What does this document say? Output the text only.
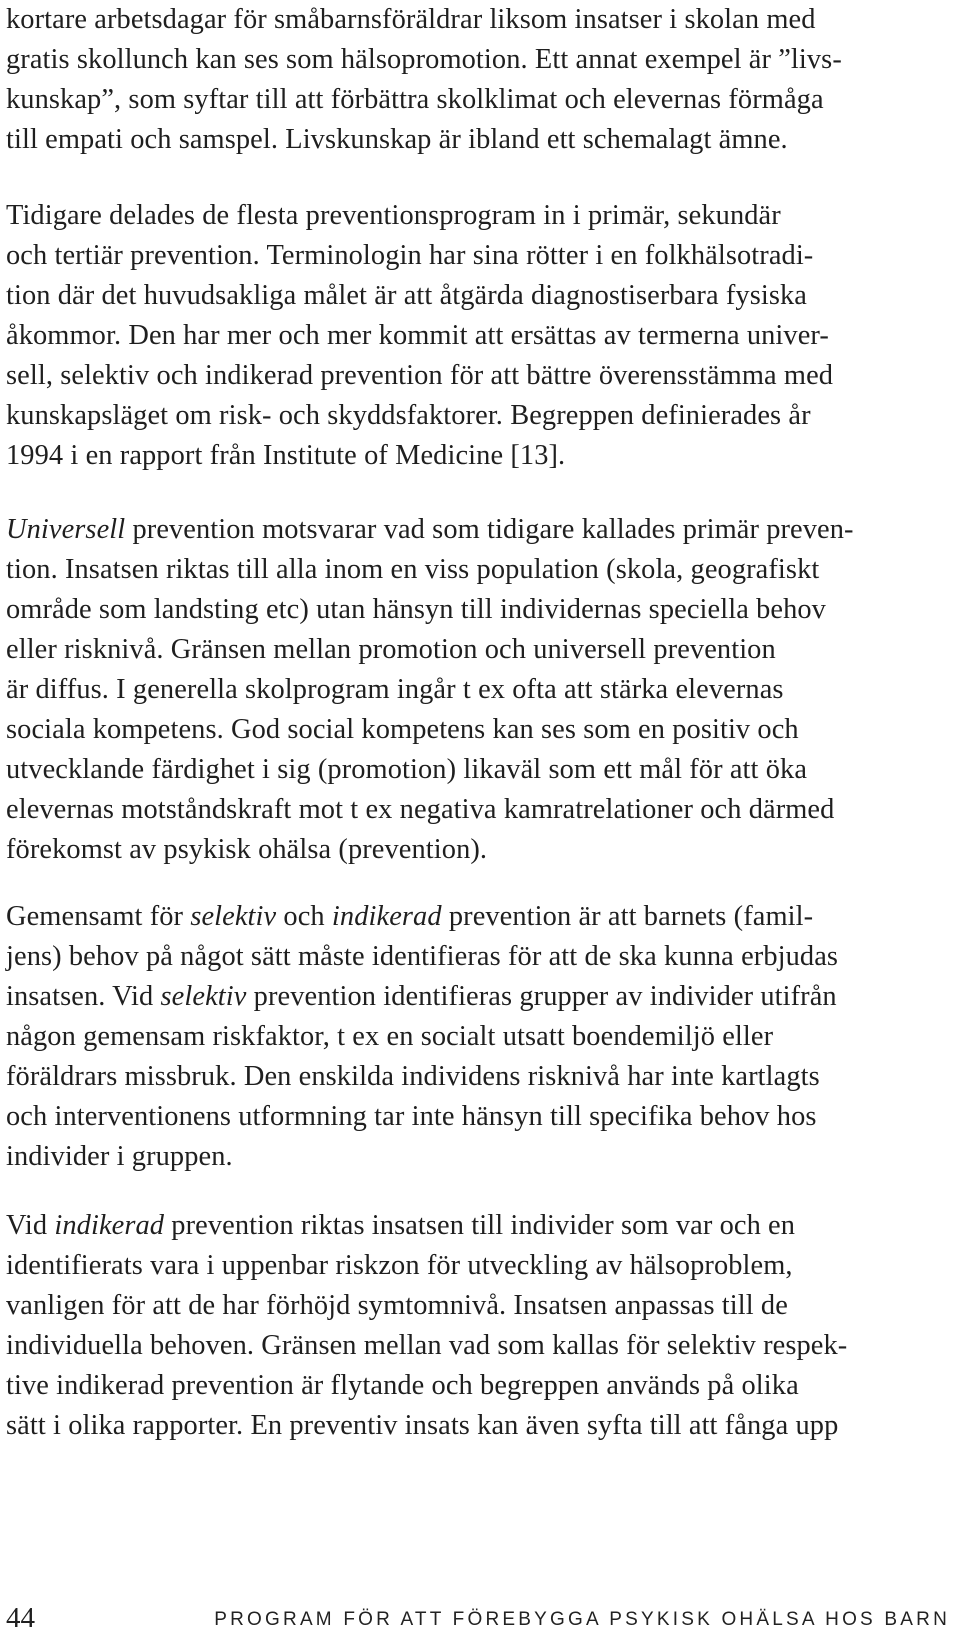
kortare arbetsdagar för småbarnsföräldrar liksom insatser i skolan med
gratis skollunch kan ses som hälsopromotion. Ett annat exempel är ”livs-
kunskap”, som syftar till att förbättra skolklimat och elevernas förmåga
till empati och samspel. Livskunskap är ibland ett schemalagt ämne.

Tidigare delades de flesta preventionsprogram in i primär, sekundär
och tertiär prevention. Terminologin har sina rötter i en folkhälsotradi-
tion där det huvudsakliga målet är att åtgärda diagnostiserbara fysiska
åkommor. Den har mer och mer kommit att ersättas av termerna univer-
sell, selektiv och indikerad prevention för att bättre överensstämma med
kunskapsläget om risk- och skyddsfaktorer. Begreppen definierades år
1994 i en rapport från Institute of Medicine [13].

Universell prevention motsvarar vad som tidigare kallades primär preven-
tion. Insatsen riktas till alla inom en viss population (skola, geografiskt
område som landsting etc) utan hänsyn till individernas speciella behov
eller risknivå. Gränsen mellan promotion och universell prevention
är diffus. I generella skolprogram ingår t ex ofta att stärka elevernas
sociala kompetens. God social kompetens kan ses som en positiv och
utvecklande färdighet i sig (promotion) likaväl som ett mål för att öka
elevernas motståndskraft mot t ex negativa kamratrelationer och därmed
förekomst av psykisk ohälsa (prevention).

Gemensamt för selektiv och indikerad prevention är att barnets (famil-
jens) behov på något sätt måste identifieras för att de ska kunna erbjudas
insatsen. Vid selektiv prevention identifieras grupper av individer utifrån
någon gemensam riskfaktor, t ex en socialt utsatt boendemiljö eller
föräldrars missbruk. Den enskilda individens risknivå har inte kartlagts
och interventionens utformning tar inte hänsyn till specifika behov hos
individer i gruppen.

Vid indikerad prevention riktas insatsen till individer som var och en
identifierats vara i uppenbar riskzon för utveckling av hälsoproblem,
vanligen för att de har förhöjd symtomnivå. Insatsen anpassas till de
individuella behoven. Gränsen mellan vad som kallas för selektiv respek-
tive indikerad prevention är flytande och begreppen används på olika
sätt i olika rapporter. En preventiv insats kan även syfta till att fånga upp

44	PROGRAM FÖR ATT FÖREBYGGA PSYKISK OHÄLSA HOS BARN
